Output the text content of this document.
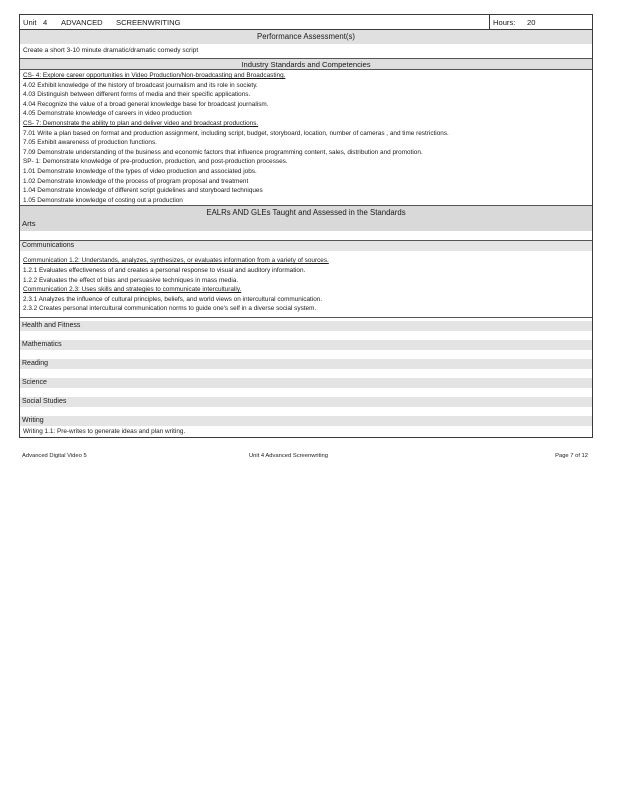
Unit 4 ADVANCED SCREENWRITING	Hours: 20
Performance Assessment(s)
Create a short 3-10 minute dramatic/dramatic comedy script
Industry Standards and Competencies
CS- 4: Explore career opportunities in Video Production/Non-broadcasting and Broadcasting.
4.02 Exhibit knowledge of the history of broadcast journalism and its role in society.
4.03 Distinguish between different forms of media and their specific applications.
4.04 Recognize the value of a broad general knowledge base for broadcast journalism.
4.05 Demonstrate knowledge of careers in video production
CS- 7: Demonstrate the ability to plan and deliver video and broadcast productions.
7.01 Write a plan based on format and production assignment, including script, budget, storyboard, location, number of cameras , and time restrictions.
7.05 Exhibit awareness of production functions.
7.09 Demonstrate understanding of the business and economic factors that influence programming content, sales, distribution and promotion.
SP- 1: Demonstrate knowledge of pre-production, production, and post-production processes.
1.01 Demonstrate knowledge of the types of video production and associated jobs.
1.02 Demonstrate knowledge of the process of program proposal and treatment
1.04 Demonstrate knowledge of different script guidelines and storyboard techniques
1.05 Demonstrate knowledge of costing out a production
EALRs AND GLEs Taught and Assessed in the Standards
Arts
Communications
Communication 1.2: Understands, analyzes, synthesizes, or evaluates information from a variety of sources.
1.2.1 Evaluates effectiveness of and creates a personal response to visual and auditory information.
1.2.2 Evaluates the effect of bias and persuasive techniques in mass media.
Communication 2.3: Uses skills and strategies to communicate interculturally.
2.3.1 Analyzes the influence of cultural principles, beliefs, and world views on intercultural communication.
2.3.2 Creates personal intercultural communication norms to guide one's self in a diverse social system.
Health and Fitness
Mathematics
Reading
Science
Social Studies
Writing
Writing 1.1: Pre-writes to generate ideas and plan writing.
Advanced Digital Video 5	Unit 4 Advanced Screenwriting	Page 7 of 12
